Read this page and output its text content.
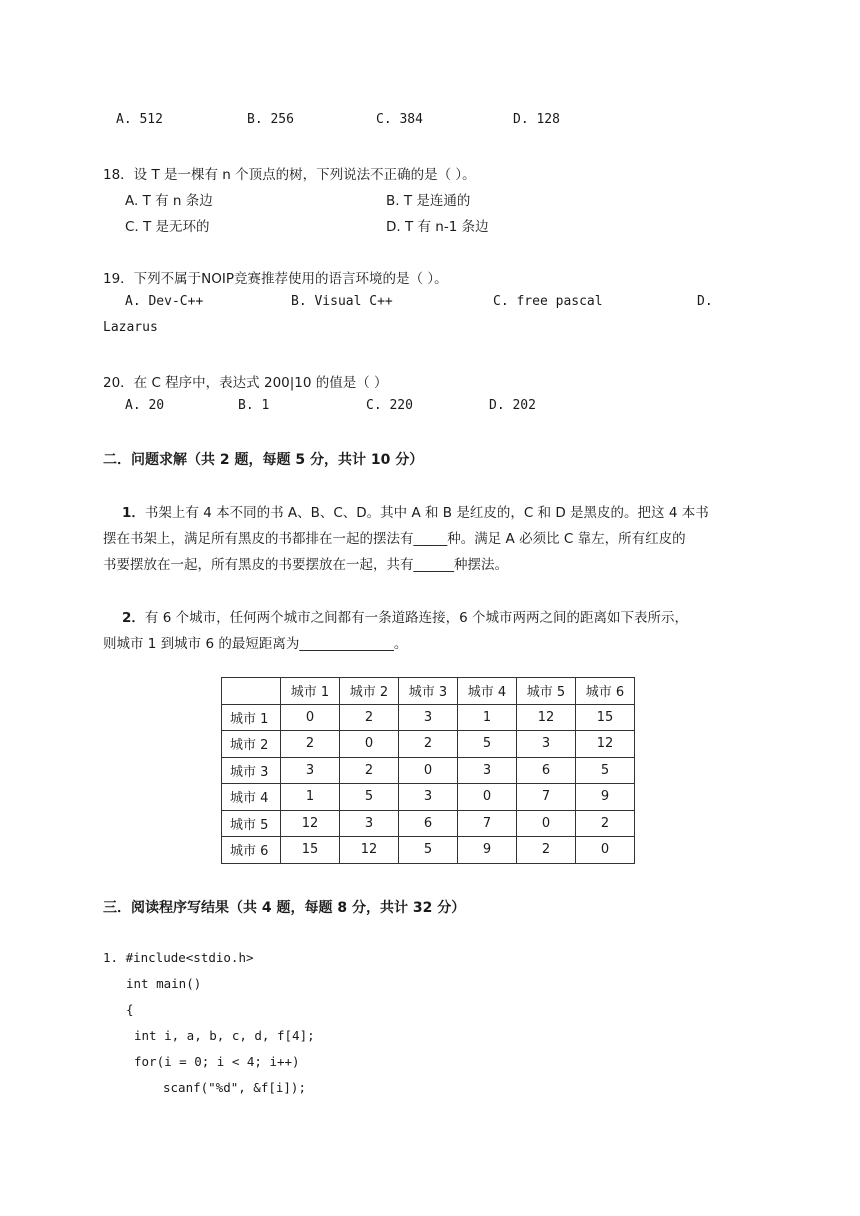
A. 512	B. 256	C. 384	D. 128
18．设 T 是一棵有 n 个顶点的树，下列说法不正确的是（ ）。
A. T 有 n 条边	B. T 是连通的
C. T 是无环的	D. T 有 n-1 条边
19．下列不属于NOIP竞赛推荐使用的语言环境的是（ ）。
A. Dev-C++	B. Visual C++	C. free pascal	D.
Lazarus
20．在 C 程序中，表达式 200|10 的值是（ ）
A. 20	B. 1	C. 220	D. 202
二．问题求解（共 2 题，每题 5 分，共计 10 分）
1．书架上有 4 本不同的书 A、B、C、D。其中 A 和 B 是红皮的，C 和 D 是黑皮的。把这 4 本书
摆在书架上，满足所有黑皮的书都排在一起的摆法有_____种。满足 A 必须比 C 靠左，所有红皮的
书要摆放在一起，所有黑皮的书要摆放在一起，共有______种摆法。
2．有 6 个城市，任何两个城市之间都有一条道路连接，6 个城市两两之间的距离如下表所示，
则城市 1 到城市 6 的最短距离为______________。
	城市 1	城市 2	城市 3	城市 4	城市 5	城市 6
城市 1	0	2	3	1	12	15
城市 2	2	0	2	5	3	12
城市 3	3	2	0	3	6	5
城市 4	1	5	3	0	7	9
城市 5	12	3	6	7	0	2
城市 6	15	12	5	9	2	0
三．阅读程序写结果（共 4 题，每题 8 分，共计 32 分）
1. #include<stdio.h>
int main()
{
int i, a, b, c, d, f[4];
for(i = 0; i < 4; i++)
scanf("%d", &f[i]);
